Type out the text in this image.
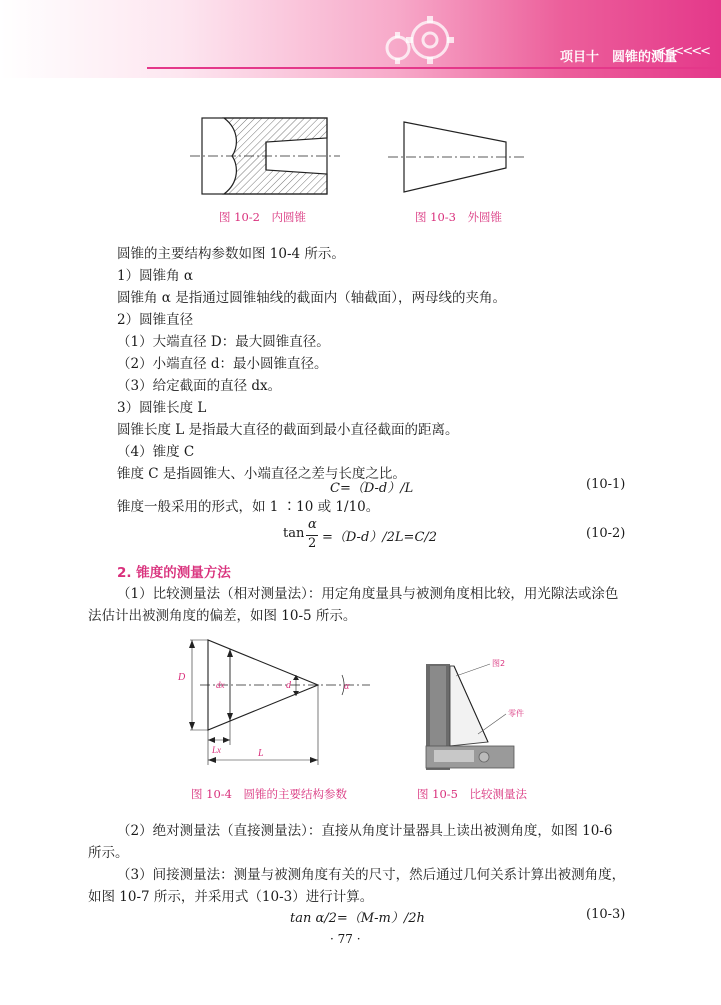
项目十　圆锥的测量
<<<<<<
图 10-2　内圆锥	图 10-3　外圆锥
圆锥的主要结构参数如图 10-4 所示。
1）圆锥角 α
圆锥角 α 是指通过圆锥轴线的截面内（轴截面），两母线的夹角。
2）圆锥直径
（1）大端直径 D：最大圆锥直径。
（2）小端直径 d：最小圆锥直径。
（3）给定截面的直径 dx。
3）圆锥长度 L
圆锥长度 L 是指最大直径的截面到最小直径截面的距离。
（4）锥度 C
锥度 C 是指圆锥大、小端直径之差与长度之比。
C=（D-d）/L	(10-1)
锥度一般采用的形式，如 1 ∶10 或 1/10。
tan
α
2 =（D-d）/2L=C/2	(10-2)
2. 锥度的测量方法
（1）比较测量法（相对测量法）：用定角度量具与被测角度相比较，用光隙法或涂色
法估计出被测角度的偏差，如图 10-5 所示。
D
dx	d	α
Lx	L
图 10-4　圆锥的主要结构参数
图2
零件
图 10-5　比较测量法
（2）绝对测量法（直接测量法）：直接从角度计量器具上读出被测角度，如图 10-6
所示。
（3）间接测量法：测量与被测角度有关的尺寸，然后通过几何关系计算出被测角度，
如图 10-7 所示，并采用式（10-3）进行计算。
tan α/2=（M-m）/2h	(10-3)
· 77 ·
